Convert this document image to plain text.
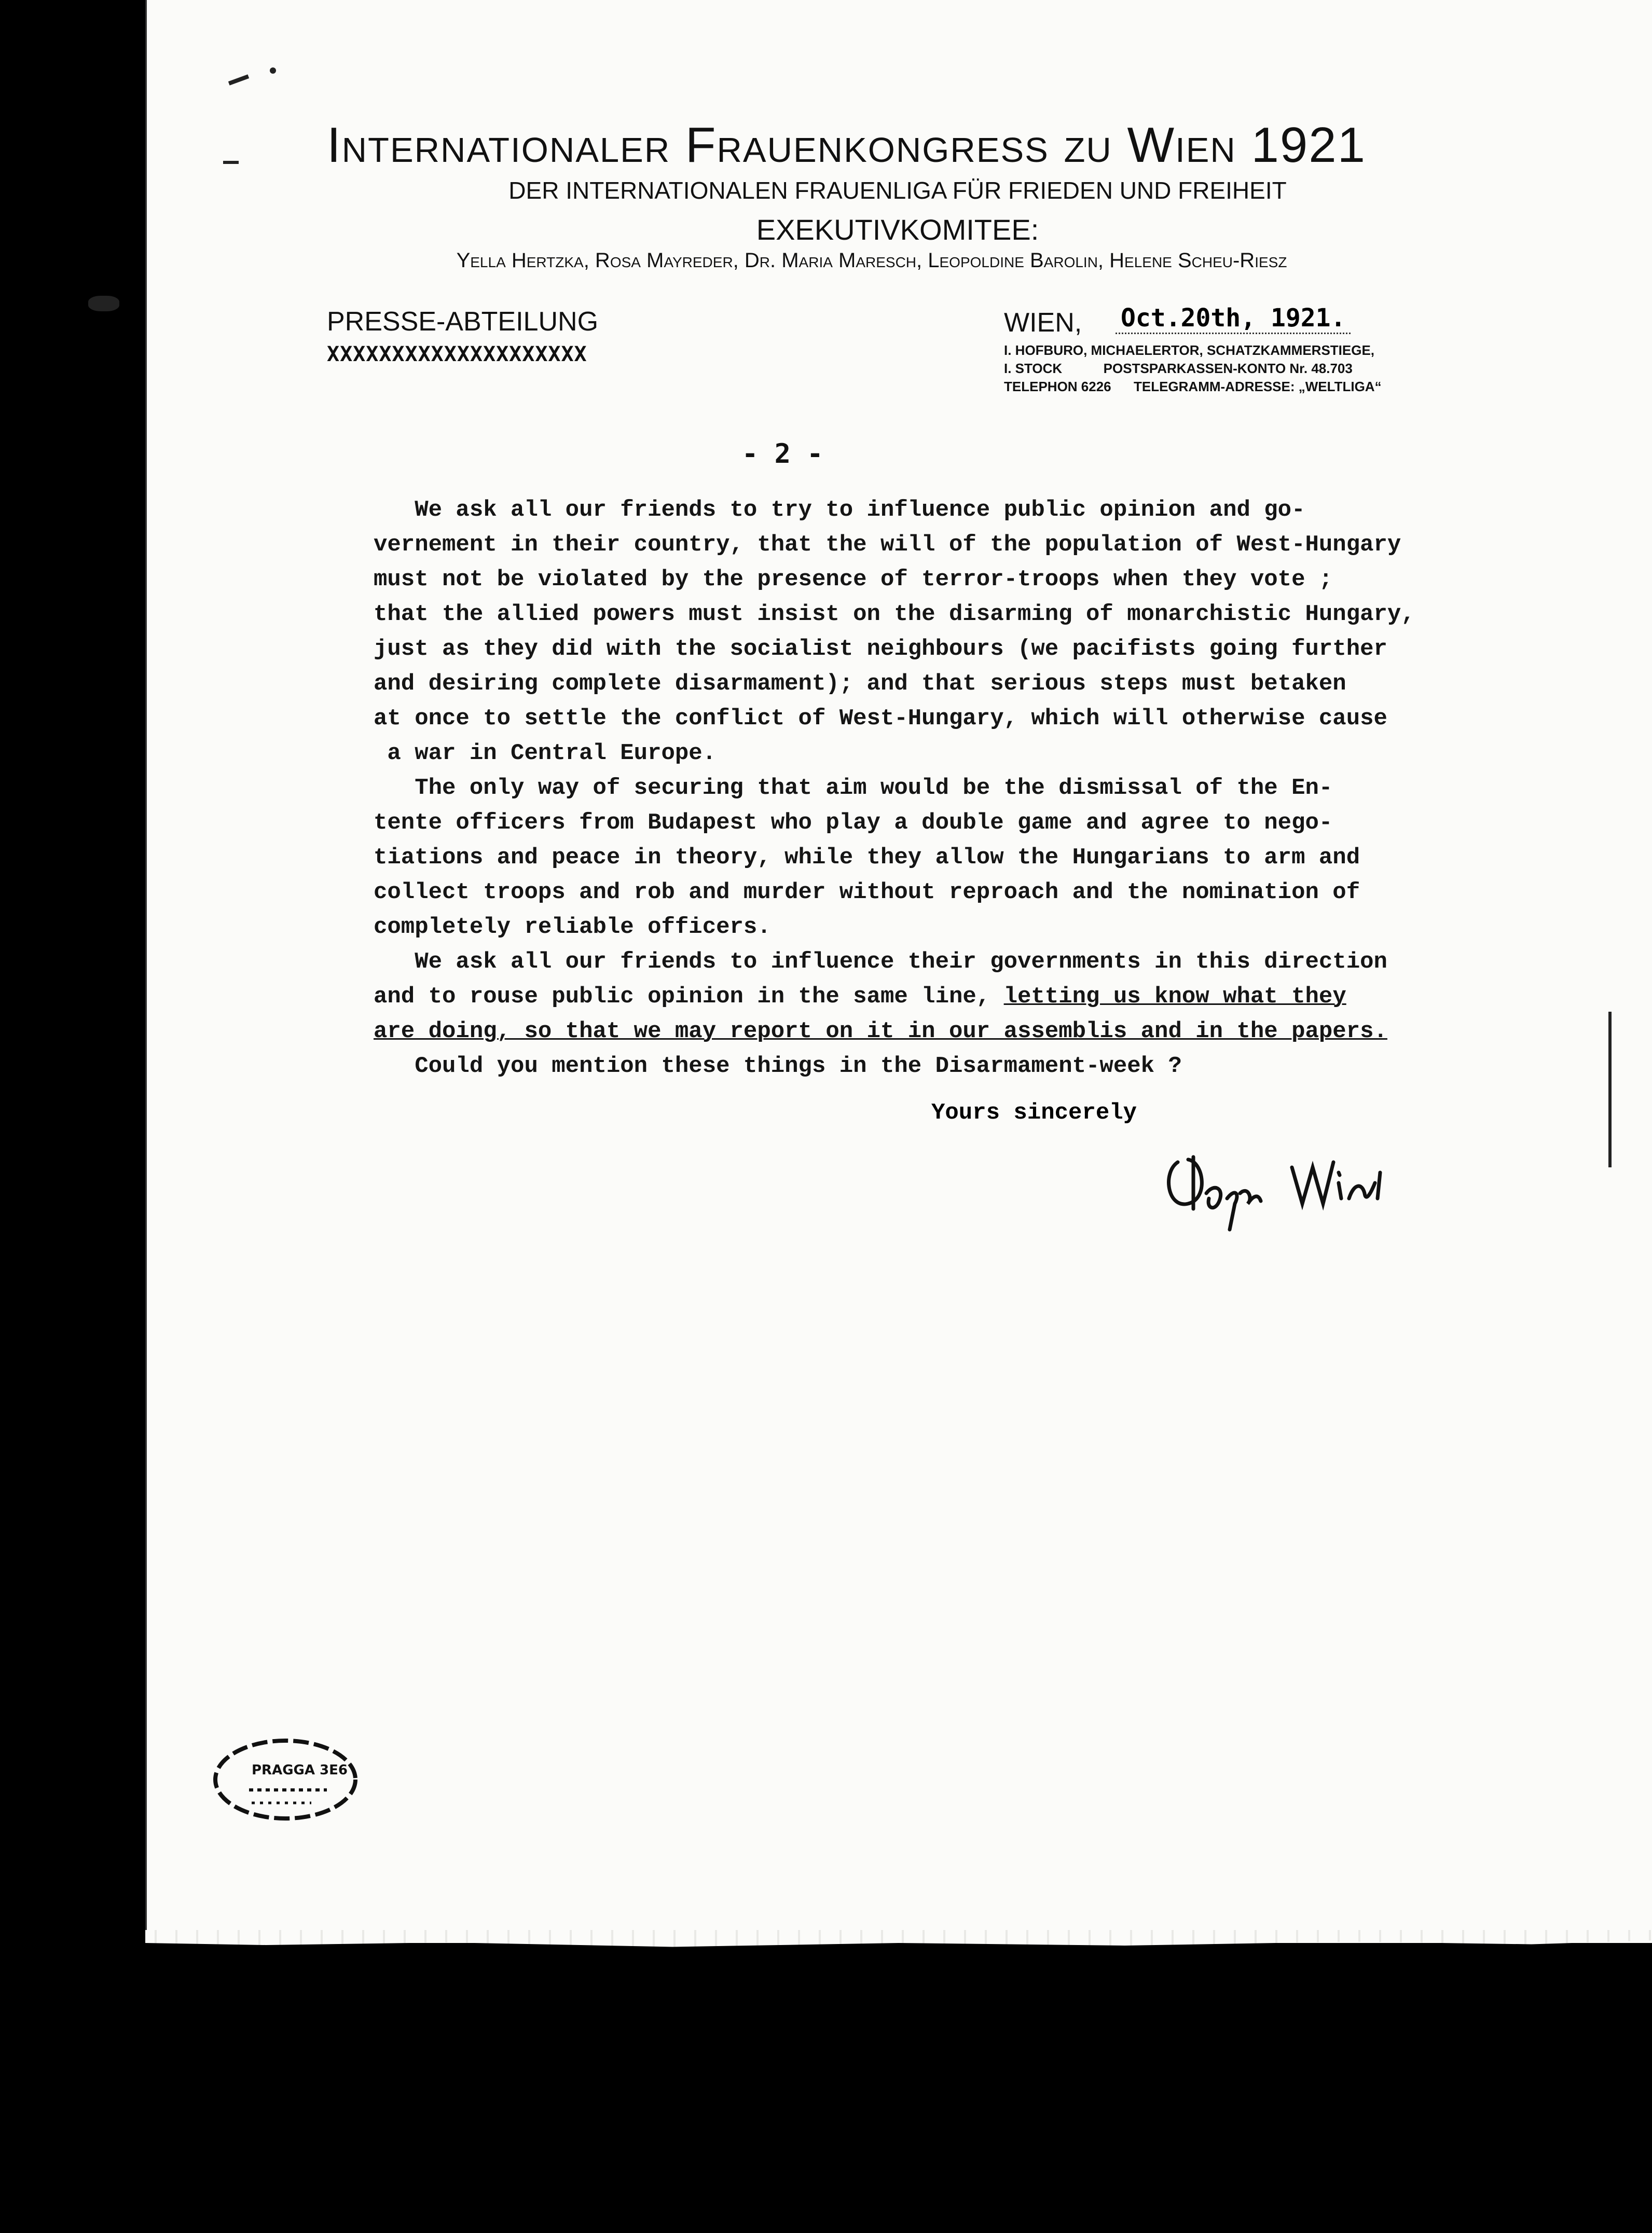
Internationaler Frauenkongress zu Wien 1921
DER INTERNATIONALEN FRAUENLIGA FÜR FRIEDEN UND FREIHEIT
EXEKUTIVKOMITEE:
Yella Hertzka, Rosa Mayreder, Dr. Maria Maresch, Leopoldine Barolin, Helene Scheu-Riesz
PRESSE-ABTEILUNG
XXXXXXXXXXXXXXXXXXXX
WIEN, Oct.20th, 1921.
I. HOFBURO, MICHAELERTOR, SCHATZKAMMERSTIEGE,
I. STOCK           POSTSPARKASSEN-KONTO Nr. 48.703
TELEPHON 6226      TELEGRAMM-ADRESSE: „WELTLIGA“
- 2 -

We ask all our friends to try to influence public opinion and go-

vernement in their country, that the will of the population of West-Hungary

must not be violated by the presence of terror-troops when they vote ;

that the allied powers must insist on the disarming of monarchistic Hungary,

just as they did with the socialist neighbours (we pacifists going further

and desiring complete disarmament); and that serious steps must betaken

at once to settle the conflict of West-Hungary, which will otherwise cause

a war in Central Europe.

The only way of securing that aim would be the dismissal of the En-

tente officers from Budapest who play a double game and agree to nego-

tiations and peace in theory, while they allow the Hungarians to arm and

collect troops and rob and murder without reproach and the nomination of

completely reliable officers.

We ask all our friends to influence their governments in this direction

and to rouse public opinion in the same line, letting us know what they

are doing, so that we may report on it in our assemblis and in the papers.

Could you mention these things in the Disarmament-week ?

Yours sincerely
PRAGGA 3E6
